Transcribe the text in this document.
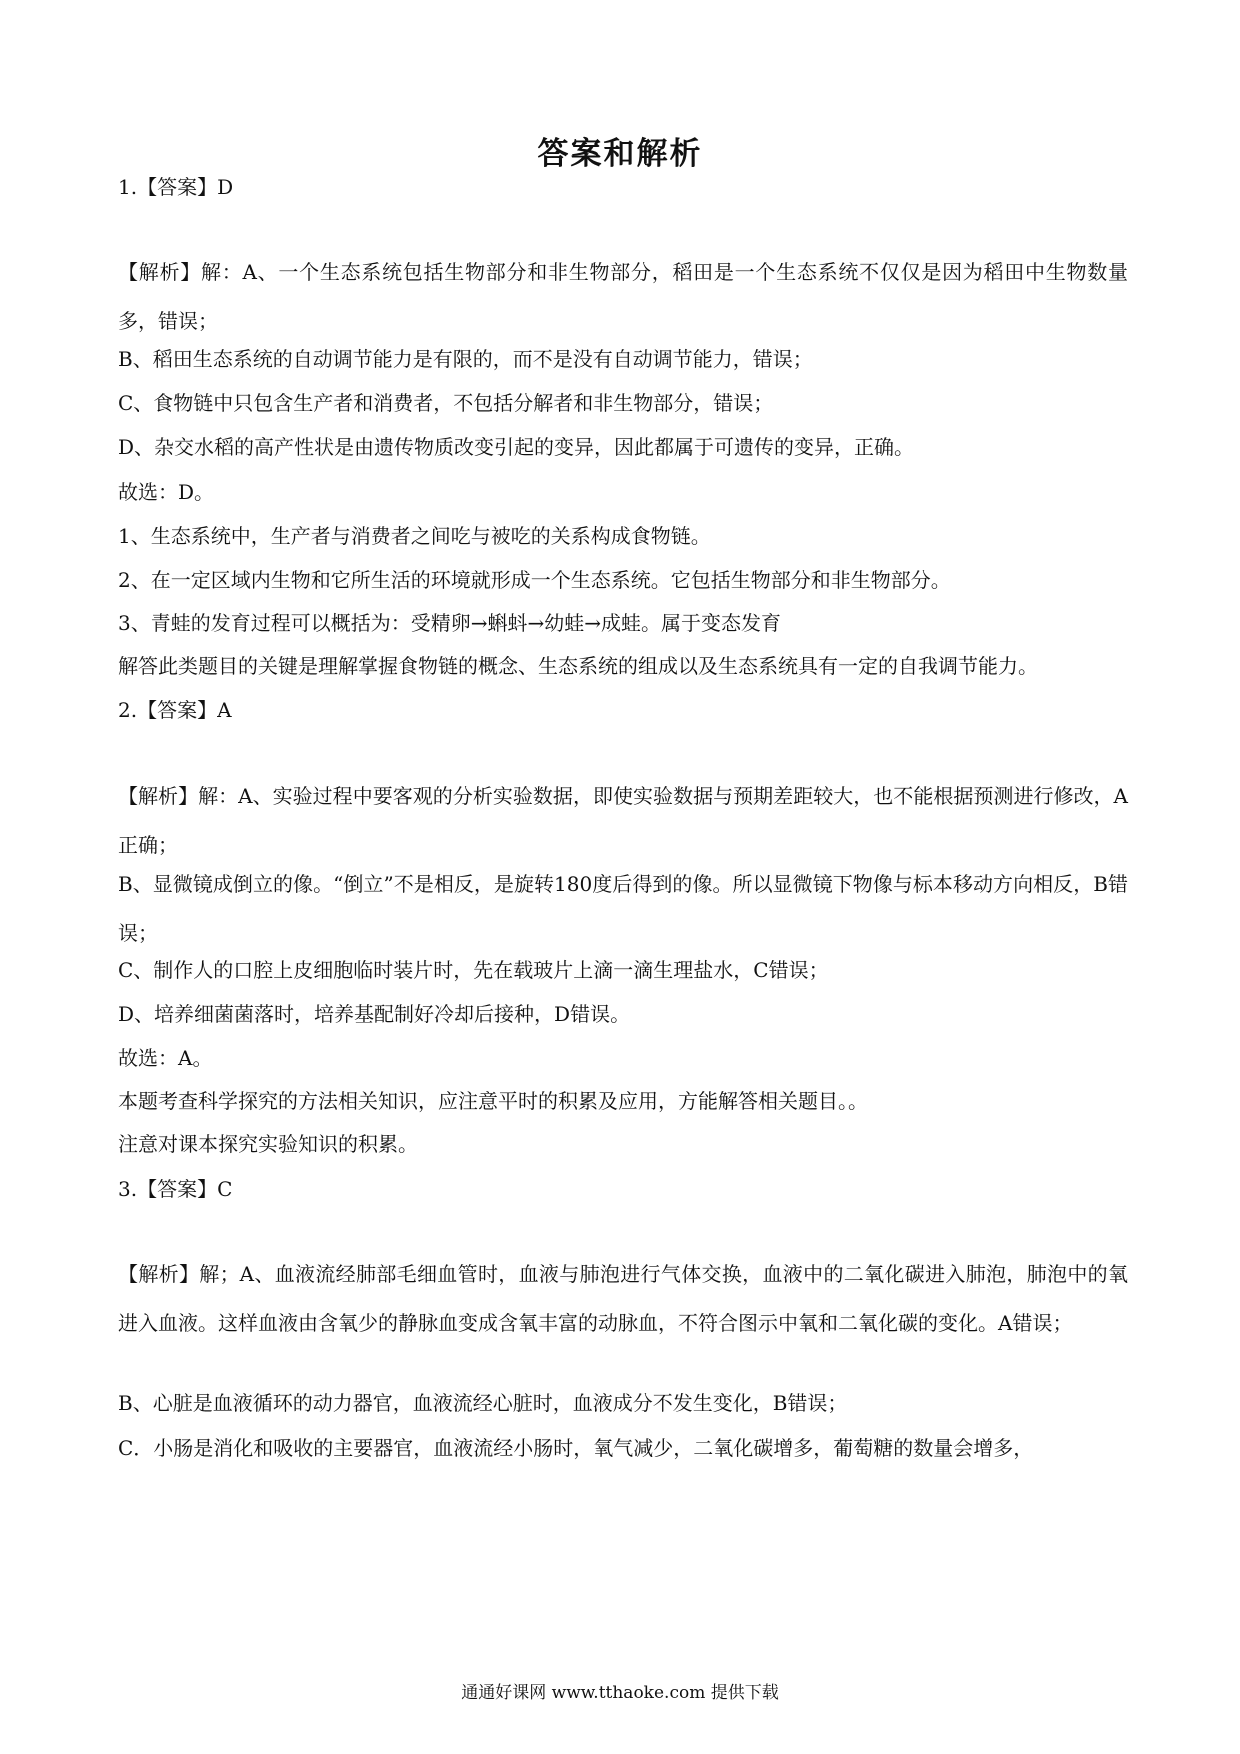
答案和解析
1.【答案】D
【解析】解：A、一个生态系统包括生物部分和非生物部分，稻田是一个生态系统不仅仅是因为稻田中生物数量多，错误；
B、稻田生态系统的自动调节能力是有限的，而不是没有自动调节能力，错误；
C、食物链中只包含生产者和消费者，不包括分解者和非生物部分，错误；
D、杂交水稻的高产性状是由遗传物质改变引起的变异，因此都属于可遗传的变异，正确。
故选：D。
1、生态系统中，生产者与消费者之间吃与被吃的关系构成食物链。
2、在一定区域内生物和它所生活的环境就形成一个生态系统。它包括生物部分和非生物部分。
3、青蛙的发育过程可以概括为：受精卵→蝌蚪→幼蛙→成蛙。属于变态发育
解答此类题目的关键是理解掌握食物链的概念、生态系统的组成以及生态系统具有一定的自我调节能力。
2.【答案】A
【解析】解：A、实验过程中要客观的分析实验数据，即使实验数据与预期差距较大，也不能根据预测进行修改，A正确；
B、显微镜成倒立的像。“倒立”不是相反，是旋转180度后得到的像。所以显微镜下物像与标本移动方向相反，B错误；
C、制作人的口腔上皮细胞临时装片时，先在载玻片上滴一滴生理盐水，C错误；
D、培养细菌菌落时，培养基配制好冷却后接种，D错误。
故选：A。
本题考查科学探究的方法相关知识，应注意平时的积累及应用，方能解答相关题目。。
注意对课本探究实验知识的积累。
3.【答案】C
【解析】解；A、血液流经肺部毛细血管时，血液与肺泡进行气体交换，血液中的二氧化碳进入肺泡，肺泡中的氧进入血液。这样血液由含氧少的静脉血变成含氧丰富的动脉血，不符合图示中氧和二氧化碳的变化。A错误；
B、心脏是血液循环的动力器官，血液流经心脏时，血液成分不发生变化，B错误；
C．小肠是消化和吸收的主要器官，血液流经小肠时，氧气减少，二氧化碳增多，葡萄糖的数量会增多，
通通好课网 www.tthaoke.com 提供下载
